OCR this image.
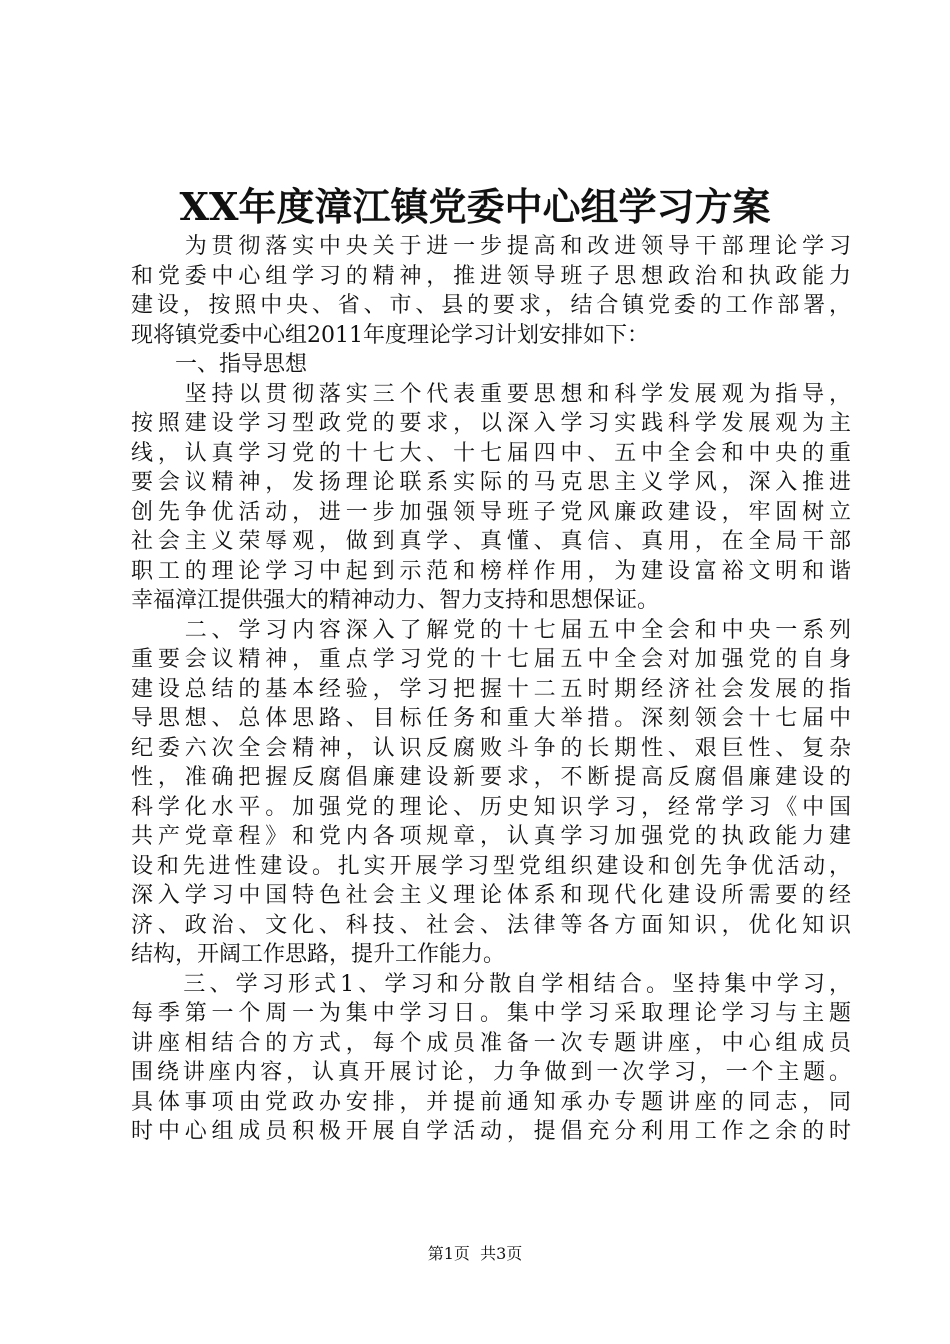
XX年度漳江镇党委中心组学习方案
　　为贯彻落实中央关于进一步提高和改进领导干部理论学习
和党委中心组学习的精神，推进领导班子思想政治和执政能力
建设，按照中央、省、市、县的要求，结合镇党委的工作部署，
现将镇党委中心组2011年度理论学习计划安排如下：
　　一、指导思想
　　坚持以贯彻落实三个代表重要思想和科学发展观为指导，
按照建设学习型政党的要求，以深入学习实践科学发展观为主
线，认真学习党的十七大、十七届四中、五中全会和中央的重
要会议精神，发扬理论联系实际的马克思主义学风，深入推进
创先争优活动，进一步加强领导班子党风廉政建设，牢固树立
社会主义荣辱观，做到真学、真懂、真信、真用，在全局干部
职工的理论学习中起到示范和榜样作用，为建设富裕文明和谐
幸福漳江提供强大的精神动力、智力支持和思想保证。
　　二、学习内容深入了解党的十七届五中全会和中央一系列
重要会议精神，重点学习党的十七届五中全会对加强党的自身
建设总结的基本经验，学习把握十二五时期经济社会发展的指
导思想、总体思路、目标任务和重大举措。深刻领会十七届中
纪委六次全会精神，认识反腐败斗争的长期性、艰巨性、复杂
性，准确把握反腐倡廉建设新要求，不断提高反腐倡廉建设的
科学化水平。加强党的理论、历史知识学习，经常学习《中国
共产党章程》和党内各项规章，认真学习加强党的执政能力建
设和先进性建设。扎实开展学习型党组织建设和创先争优活动，
深入学习中国特色社会主义理论体系和现代化建设所需要的经
济、政治、文化、科技、社会、法律等各方面知识，优化知识
结构，开阔工作思路，提升工作能力。
　　三、学习形式1、学习和分散自学相结合。坚持集中学习，
每季第一个周一为集中学习日。集中学习采取理论学习与主题
讲座相结合的方式，每个成员准备一次专题讲座，中心组成员
围绕讲座内容，认真开展讨论，力争做到一次学习，一个主题。
具体事项由党政办安排，并提前通知承办专题讲座的同志，同
时中心组成员积极开展自学活动，提倡充分利用工作之余的时
第1页  共3页
